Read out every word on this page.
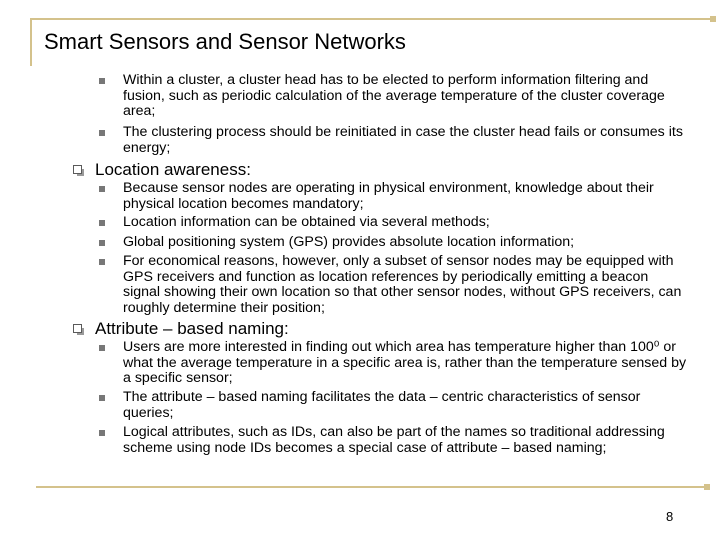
Smart Sensors and Sensor Networks
Within a cluster, a cluster head has to be elected to perform information filtering and fusion, such as periodic calculation of the average temperature of the cluster coverage area;
The clustering process should be reinitiated in case the cluster head fails or consumes its energy;
Location awareness:
Because sensor nodes are operating in physical environment, knowledge about their physical location becomes mandatory;
Location information can be obtained via several methods;
Global positioning system (GPS) provides absolute location information;
For economical reasons, however, only a subset of sensor nodes may be equipped with GPS receivers and function as location references by periodically emitting a beacon signal showing their own location so that other sensor nodes, without GPS receivers, can roughly determine their position;
Attribute – based naming:
Users are more interested in finding out which area has temperature higher than 100⁰ or what the average temperature in a specific area is, rather than the temperature sensed by a specific sensor;
The attribute – based naming facilitates the data – centric characteristics of sensor queries;
Logical attributes, such as IDs, can also be part of the names so traditional addressing scheme using node IDs becomes a special case of attribute – based naming;
8
